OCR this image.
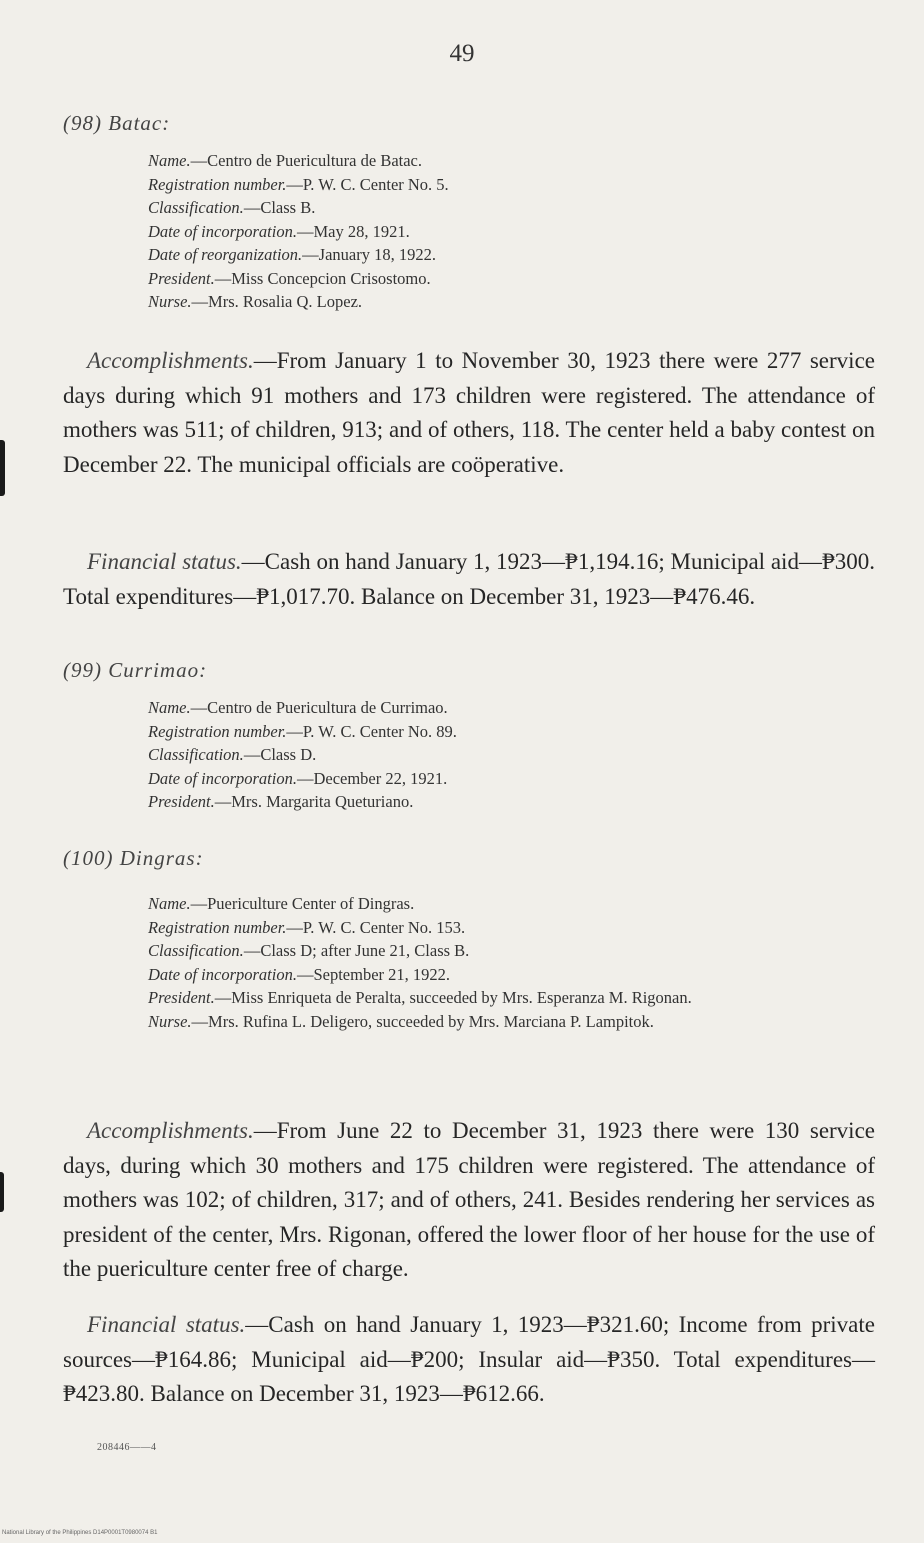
49
(98) Batac:
Name.—Centro de Puericultura de Batac.
Registration number.—P. W. C. Center No. 5.
Classification.—Class B.
Date of incorporation.—May 28, 1921.
Date of reorganization.—January 18, 1922.
President.—Miss Concepcion Crisostomo.
Nurse.—Mrs. Rosalia Q. Lopez.
Accomplishments.—From January 1 to November 30, 1923 there were 277 service days during which 91 mothers and 173 children were registered. The attendance of mothers was 511; of children, 913; and of others, 118. The center held a baby contest on December 22. The municipal officials are coöperative.
Financial status.—Cash on hand January 1, 1923—₱1,194.16; Municipal aid—₱300. Total expenditures—₱1,017.70. Balance on December 31, 1923—₱476.46.
(99) Currimao:
Name.—Centro de Puericultura de Currimao.
Registration number.—P. W. C. Center No. 89.
Classification.—Class D.
Date of incorporation.—December 22, 1921.
President.—Mrs. Margarita Queturiano.
(100) Dingras:
Name.—Puericulture Center of Dingras.
Registration number.—P. W. C. Center No. 153.
Classification.—Class D; after June 21, Class B.
Date of incorporation.—September 21, 1922.
President.—Miss Enriqueta de Peralta, succeeded by Mrs. Esperanza M. Rigonan.
Nurse.—Mrs. Rufina L. Deligero, succeeded by Mrs. Marciana P. Lampitok.
Accomplishments.—From June 22 to December 31, 1923 there were 130 service days, during which 30 mothers and 175 children were registered. The attendance of mothers was 102; of children, 317; and of others, 241. Besides rendering her services as president of the center, Mrs. Rigonan, offered the lower floor of her house for the use of the puericulture center free of charge.
Financial status.—Cash on hand January 1, 1923—₱321.60; Income from private sources—₱164.86; Municipal aid—₱200; Insular aid—₱350. Total expenditures—₱423.80. Balance on December 31, 1923—₱612.66.
208446——4
National Library of the Philippines D14P0001T0980074 B1
